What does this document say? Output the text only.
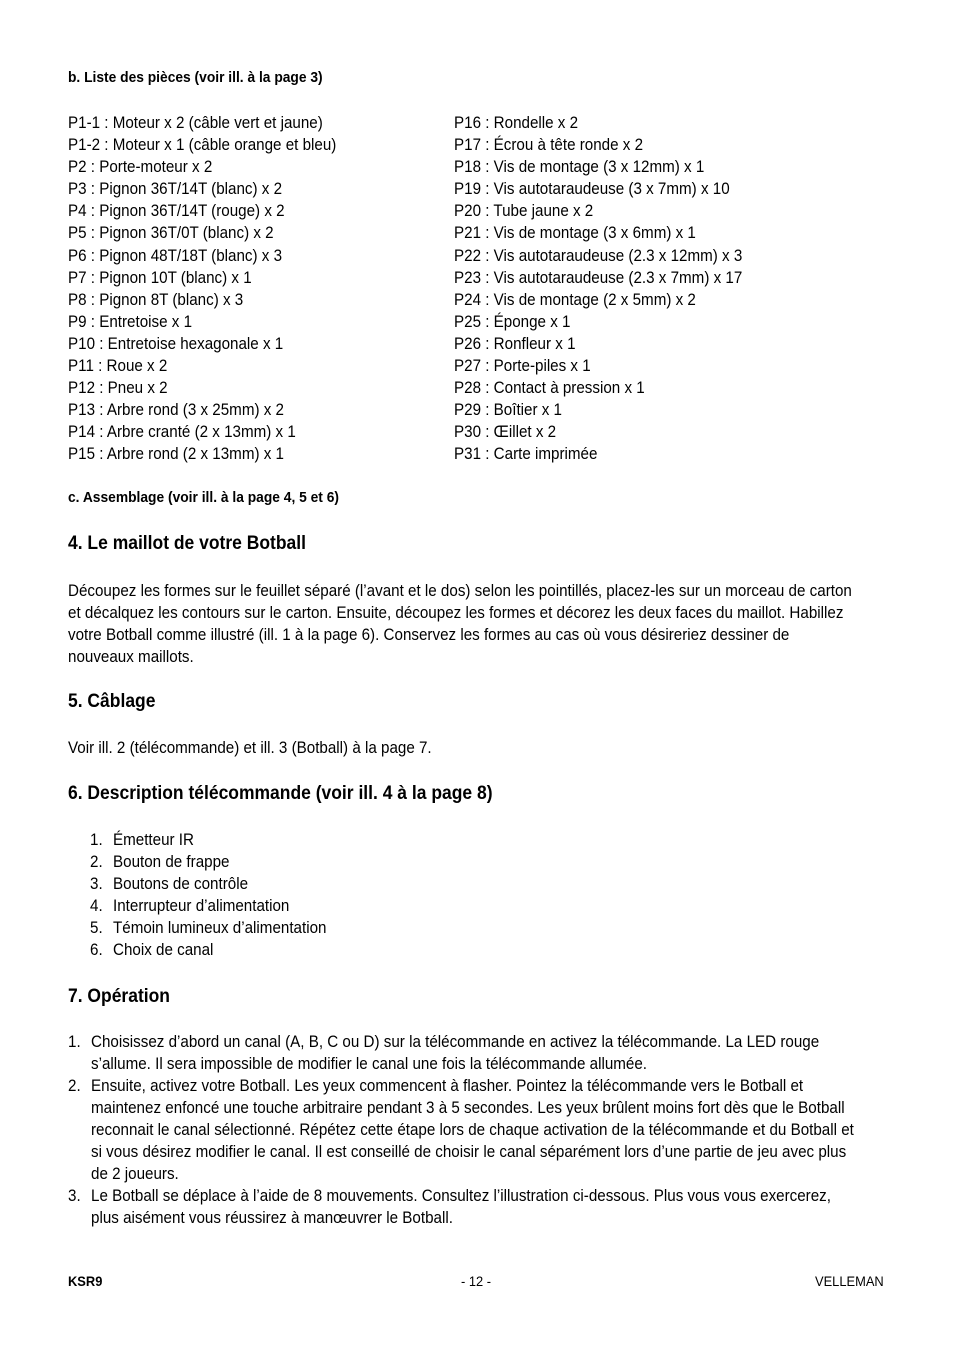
b. Liste des pièces (voir ill. à la page 3)
P1-1 : Moteur x 2 (câble vert et jaune)
P1-2 : Moteur x 1 (câble orange et bleu)
P2 : Porte-moteur x 2
P3 : Pignon 36T/14T (blanc) x 2
P4 : Pignon 36T/14T (rouge) x 2
P5 : Pignon 36T/0T (blanc) x 2
P6 : Pignon 48T/18T (blanc) x 3
P7 : Pignon 10T (blanc) x 1
P8 : Pignon 8T (blanc) x 3
P9 : Entretoise x 1
P10 : Entretoise hexagonale x 1
P11 : Roue x 2
P12 : Pneu x 2
P13 : Arbre rond (3 x 25mm) x 2
P14 : Arbre cranté (2 x 13mm) x 1
P15 : Arbre rond (2 x 13mm) x 1
P16 : Rondelle x 2
P17 : Écrou à tête ronde x 2
P18 : Vis de montage (3 x 12mm) x 1
P19 : Vis autotaraudeuse (3 x 7mm) x 10
P20 : Tube jaune x 2
P21 : Vis de montage (3 x 6mm) x 1
P22 : Vis autotaraudeuse (2.3 x 12mm) x 3
P23 : Vis autotaraudeuse (2.3 x 7mm) x 17
P24 : Vis de montage (2 x 5mm) x 2
P25 : Éponge x 1
P26 : Ronfleur x 1
P27 : Porte-piles x 1
P28 : Contact à pression x 1
P29 : Boîtier x 1
P30 : Œillet x 2
P31 : Carte imprimée
c. Assemblage (voir ill. à la page 4, 5 et 6)
4. Le maillot de votre Botball
Découpez les formes sur le feuillet séparé (l’avant et le dos) selon les pointillés, placez-les sur un morceau de carton
et décalquez les contours sur le carton. Ensuite, découpez les formes et décorez les deux faces du maillot. Habillez
votre Botball comme illustré (ill. 1 à la page 6). Conservez les formes au cas où vous désireriez dessiner de
nouveaux maillots.
5. Câblage
Voir ill. 2 (télécommande) et ill. 3 (Botball) à la page 7.
6. Description télécommande (voir ill. 4 à la page 8)
1. Émetteur IR
2. Bouton de frappe
3. Boutons de contrôle
4. Interrupteur d’alimentation
5. Témoin lumineux d’alimentation
6. Choix de canal
7. Opération
1. Choisissez d’abord un canal (A, B, C ou D) sur la télécommande en activez la télécommande. La LED rouge
s’allume. Il sera impossible de modifier le canal une fois la télécommande allumée.
2. Ensuite, activez votre Botball. Les yeux commencent à flasher. Pointez la télécommande vers le Botball et
maintenez enfoncé une touche arbitraire pendant 3 à 5 secondes. Les yeux brûlent moins fort dès que le Botball
reconnait le canal sélectionné. Répétez cette étape lors de chaque activation de la télécommande et du Botball et
si vous désirez modifier le canal. Il est conseillé de choisir le canal séparément lors d’une partie de jeu avec plus
de 2 joueurs.
3. Le Botball se déplace à l’aide de 8 mouvements. Consultez l’illustration ci-dessous. Plus vous vous exercerez,
plus aisément vous réussirez à manœuvrer le Botball.
KSR9	- 12 -	VELLEMAN
